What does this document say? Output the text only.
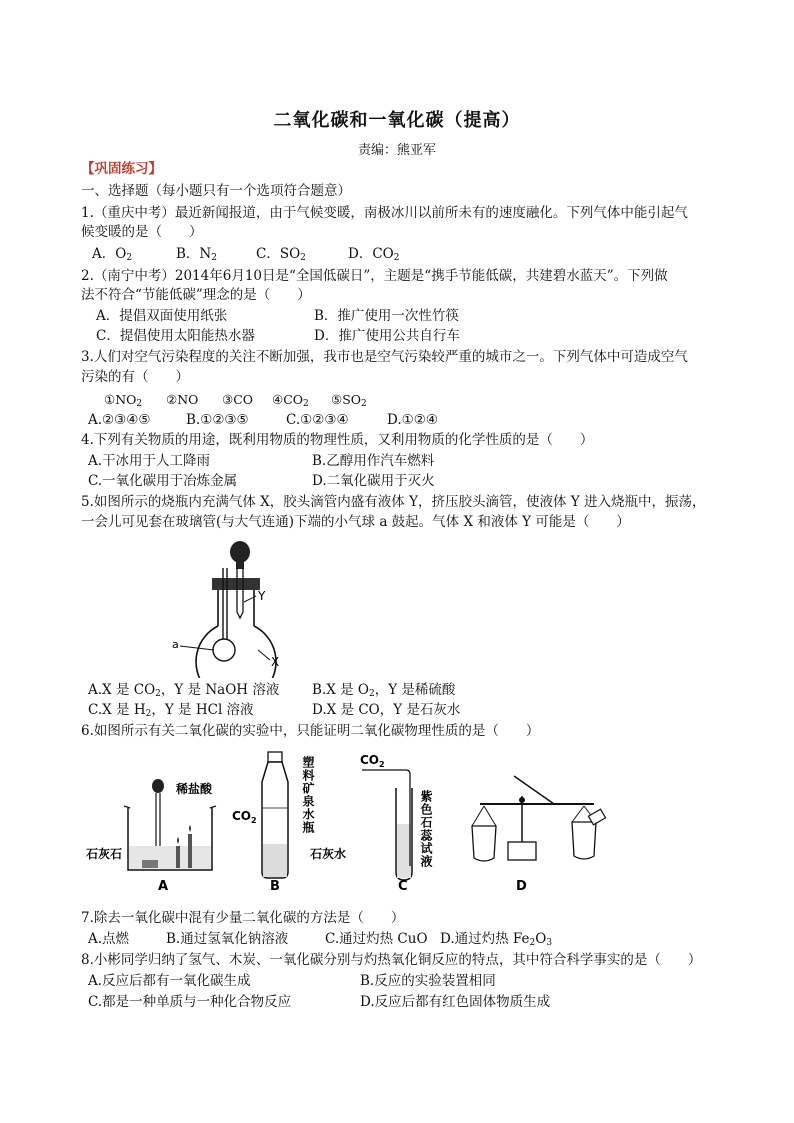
二氧化碳和一氧化碳（提高）
责编：熊亚军
【巩固练习】
一、选择题（每小题只有一个选项符合题意）
1.（重庆中考）最近新闻报道，由于气候变暖，南极冰川以前所未有的速度融化。下列气体中能引起气
候变暖的是（　　）
A．$O_2$	B．$N_2$	C．$SO_2$	D．$CO_2$
2.（南宁中考）2014年6月10日是“全国低碳日”，主题是“携手节能低碳，共建碧水蓝天”。下列做
法不符合“节能低碳”理念的是（　　）
A．提倡双面使用纸张	B．推广使用一次性竹筷
C．提倡使用太阳能热水器	D．推广使用公共自行车
3.人们对空气污染程度的关注不断加强，我市也是空气污染较严重的城市之一。下列气体中可造成空气
污染的有（　　）
$①NO_2$ ②NO ③CO $④CO_2$ $⑤SO_2$
A.②③④⑤	B.①②③⑤	C.①②③④	D.①②④
4.下列有关物质的用途，既利用物质的物理性质，又利用物质的化学性质的是（　　）
A.干冰用于人工降雨	B.乙醇用作汽车燃料
C.一氧化碳用于冶炼金属	D.二氧化碳用于灭火
5.如图所示的烧瓶内充满气体 X，胶头滴管内盛有液体 Y，挤压胶头滴管，使液体 Y 进入烧瓶中，振荡，
一会儿可见套在玻璃管(与大气连通)下端的小气球 a 鼓起。气体 X 和液体 Y 可能是（　　）
Y
a
X
A.X 是 $CO_2$，Y 是 NaOH 溶液 B.X 是 $O_2$，Y 是稀硫酸
C.X 是 $H_2$，Y 是 HCl 溶液	D.X 是 CO，Y 是石灰水
6.如图所示有关二氧化碳的实验中，只能证明二氧化碳物理性质的是（　　）
稀盐酸
石灰石
A
$CO_2$	塑料矿泉水瓶
石灰水
B
$CO_2$
紫色石蕊试液
C	D
7.除去一氧化碳中混有少量二氧化碳的方法是（　　）
A.点燃	B.通过氢氧化钠溶液	C.通过灼热 CuO D.通过灼热 $Fe_2O_3$
8.小彬同学归纳了氢气、木炭、一氧化碳分别与灼热氧化铜反应的特点，其中符合科学事实的是（　　）
A.反应后都有一氧化碳生成	B.反应的实验装置相同
C.都是一种单质与一种化合物反应	D.反应后都有红色固体物质生成
